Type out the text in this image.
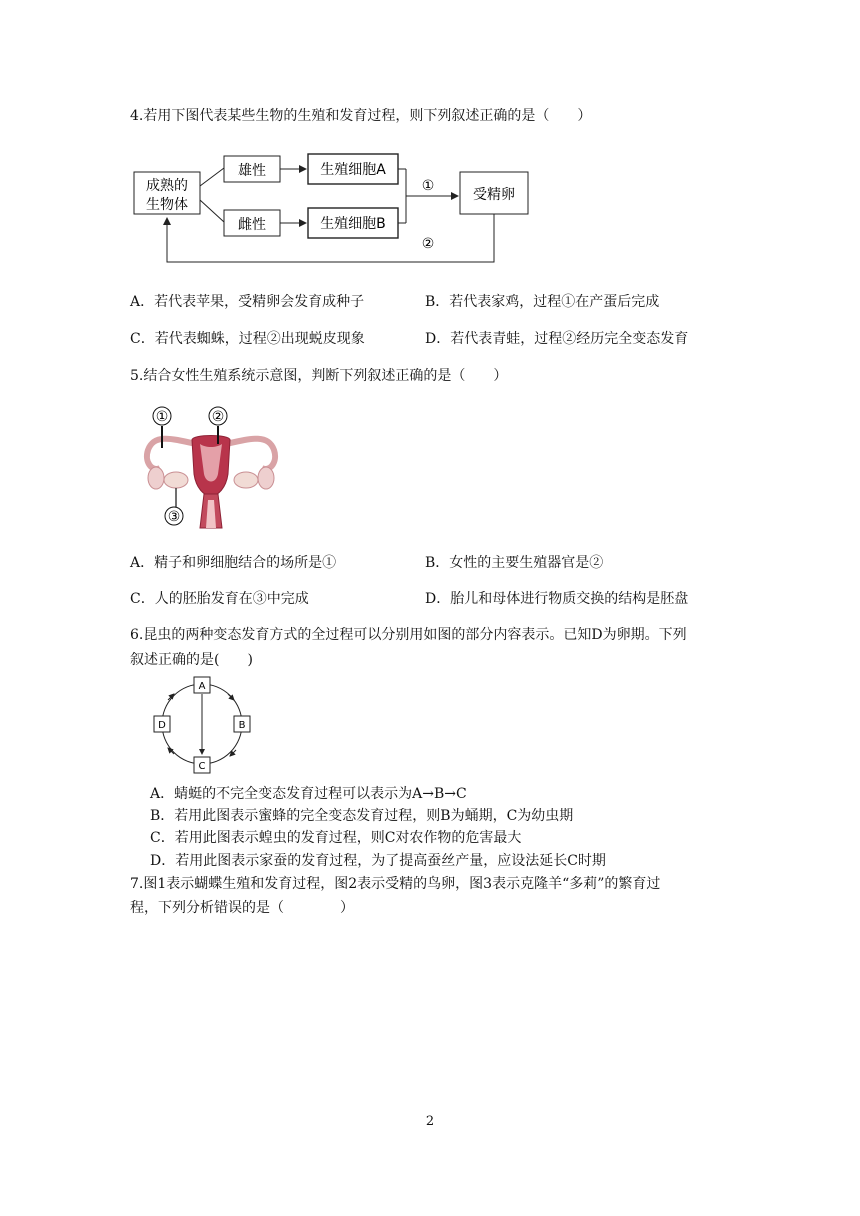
4.若用下图代表某些生物的生殖和发育过程，则下列叙述正确的是（　　）
成熟的
生物体
雄性
雌性
生殖细胞A
生殖细胞B
①
受精卵
②
A．若代表苹果，受精卵会发育成种子	B．若代表家鸡，过程①在产蛋后完成
C．若代表蜘蛛，过程②出现蜕皮现象	D．若代表青蛙，过程②经历完全变态发育
5.结合女性生殖系统示意图，判断下列叙述正确的是（　　）
①	②
③
A．精子和卵细胞结合的场所是①	B．女性的主要生殖器官是②
C．人的胚胎发育在③中完成	D．胎儿和母体进行物质交换的结构是胚盘
6.昆虫的两种变态发育方式的全过程可以分别用如图的部分内容表示。已知D为卵期。下列
叙述正确的是(　　)
A
B
C
D
A．蜻蜓的不完全变态发育过程可以表示为A→B→C
B．若用此图表示蜜蜂的完全变态发育过程，则B为蛹期，C为幼虫期
C．若用此图表示蝗虫的发育过程，则C对农作物的危害最大
D．若用此图表示家蚕的发育过程，为了提高蚕丝产量，应设法延长C时期
7.图1表示蝴蝶生殖和发育过程，图2表示受精的鸟卵，图3表示克隆羊“多莉”的繁育过
程，下列分析错误的是（　　　　）
2
